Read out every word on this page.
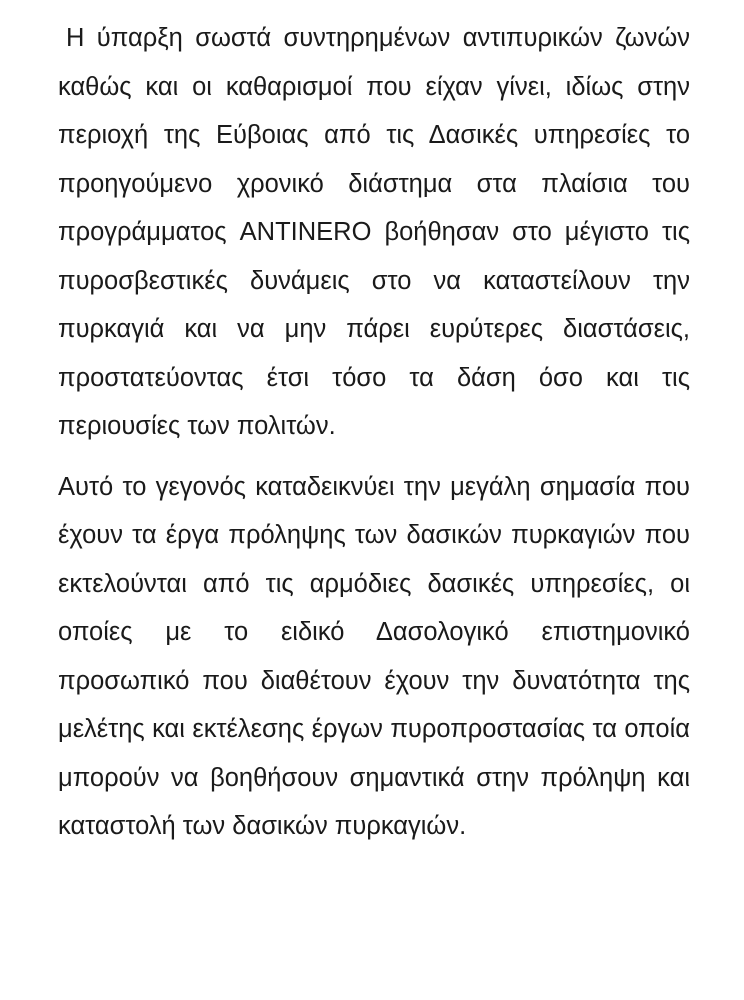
Η ύπαρξη σωστά συντηρημένων αντιπυρικών ζωνών καθώς και οι καθαρισμοί που είχαν γίνει, ιδίως στην περιοχή της Εύβοιας από τις Δασικές υπηρεσίες το προηγούμενο χρονικό διάστημα στα πλαίσια του προγράμματος ANTINERO βοήθησαν στο μέγιστο τις πυροσβεστικές δυνάμεις στο να καταστείλουν την πυρκαγιά και να μην πάρει ευρύτερες διαστάσεις, προστατεύοντας έτσι τόσο τα δάση όσο και τις περιουσίες των πολιτών.

Αυτό το γεγονός καταδεικνύει την μεγάλη σημασία που έχουν τα έργα πρόληψης των δασικών πυρκαγιών που εκτελούνται από τις αρμόδιες δασικές υπηρεσίες, οι οποίες με το ειδικό Δασολογικό επιστημονικό προσωπικό που διαθέτουν έχουν την δυνατότητα της μελέτης και εκτέλεσης έργων πυροπροστασίας τα οποία μπορούν να βοηθήσουν σημαντικά στην πρόληψη και καταστολή των δασικών πυρκαγιών.
